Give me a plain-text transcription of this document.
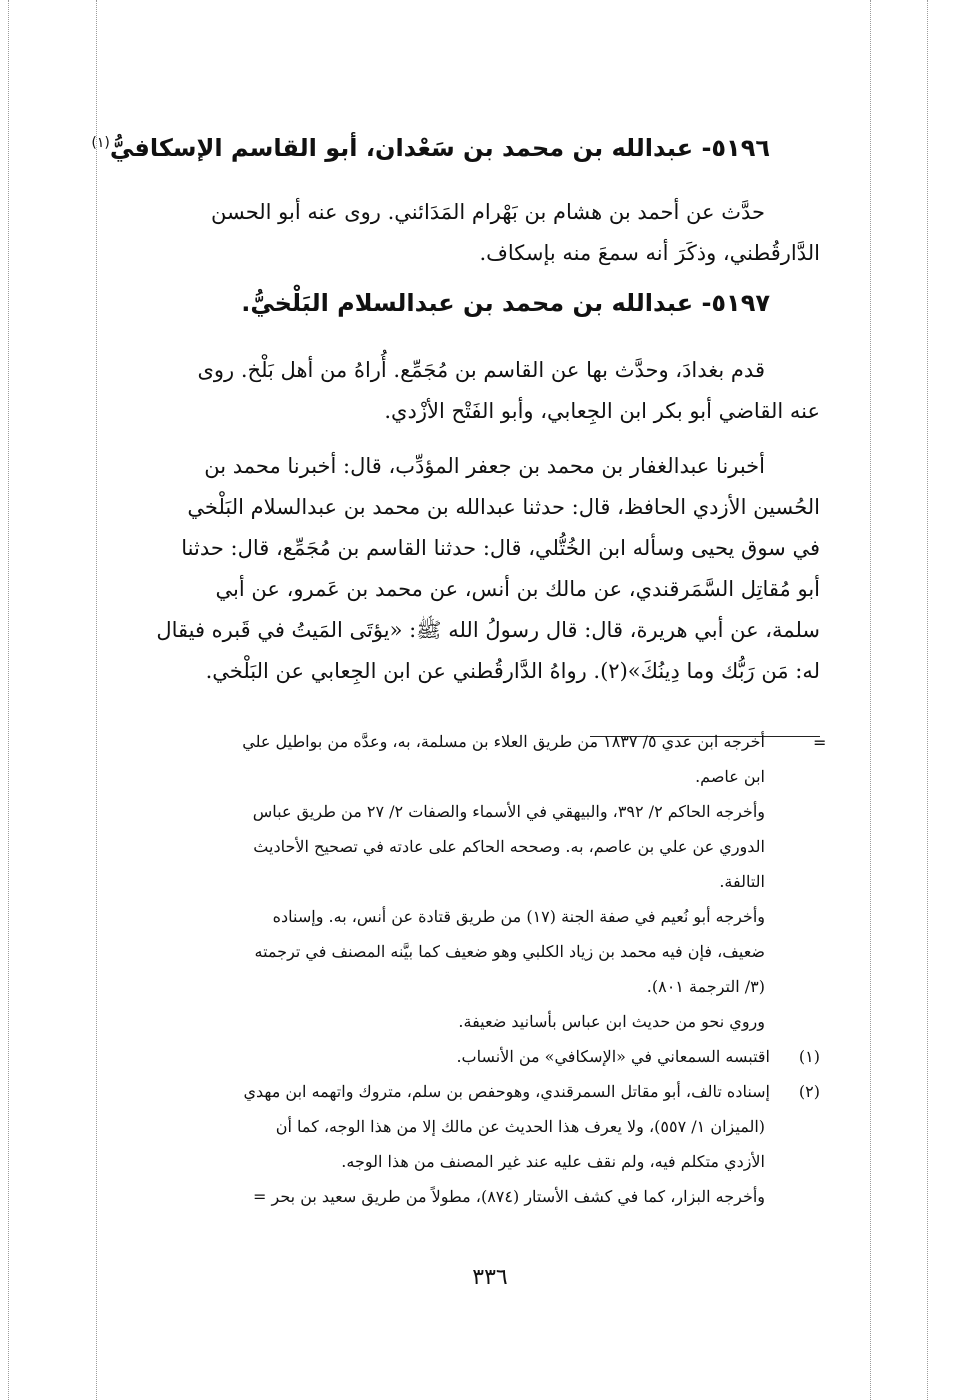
٥١٩٦- عبدالله بن محمد بن سَعْدان، أبو القاسم الإسكافيُّ$^{(١)}$

حدَّث عن أحمد بن هشام بن بَهْرام المَدَائني. روى عنه أبو الحسن

الدَّارقُطني، وذكَرَ أنه سمعَ منه بإسكاف.

٥١٩٧- عبدالله بن محمد بن عبدالسلام البَلْخيُّ.

قدم بغدادَ، وحدَّث بها عن القاسم بن مُجَمِّع. أُراهُ من أهل بَلْخ. روى

عنه القاضي أبو بكر ابن الجِعابي، وأبو الفَتْح الأزْدي.

أخبرنا عبدالغفار بن محمد بن جعفر المؤدِّب، قال: أخبرنا محمد بن

الحُسين الأزدي الحافظ، قال: حدثنا عبدالله بن محمد بن عبدالسلام البَلْخي

في سوق يحيى وسأله ابن الخُتُّلي، قال: حدثنا القاسم بن مُجَمِّع، قال: حدثنا

أبو مُقاتِل السَّمَرقندي، عن مالك بن أنس، عن محمد بن عَمرو، عن أبي

سلمة، عن أبي هريرة، قال: قال رسولُ الله ﷺ: «يؤتَى المَيتُ في قَبره فيقال

له: مَن رَبُّك وما دِينُكَ»(٢). رواهُ الدَّارقُطني عن ابن الجِعابي عن البَلْخي.

=

أخرجه ابن عدي ٥/ ١٨٣٧ من طريق العلاء بن مسلمة، به، وعدَّه من بواطيل علي

ابن عاصم.

وأخرجه الحاكم ٢/ ٣٩٢، والبيهقي في الأسماء والصفات ٢/ ٢٧ من طريق عباس

الدوري عن علي بن عاصم، به. وصححه الحاكم على عادته في تصحيح الأحاديث

التالفة.

وأخرجه أبو نُعيم في صفة الجنة (١٧) من طريق قتادة عن أنس، به. وإسناده

ضعيف، فإن فيه محمد بن زياد الكلبي وهو ضعيف كما بيَّنه المصنف في ترجمته

(٣/ الترجمة ٨٠١).

وروي نحو من حديث ابن عباس بأسانيد ضعيفة.

(١)اقتبسه السمعاني في «الإسكافي» من الأنساب.

(٢)إسناده تالف، أبو مقاتل السمرقندي، وهوحفص بن سلم، متروك واتهمه ابن مهدي

(الميزان ١/ ٥٥٧)، ولا يعرف هذا الحديث عن مالك إلا من هذا الوجه، كما أن

الأزدي متكلم فيه، ولم نقف عليه عند غير المصنف من هذا الوجه.

وأخرجه البزار، كما في كشف الأستار (٨٧٤)، مطولاً من طريق سعيد بن بحر =

٣٣٦
